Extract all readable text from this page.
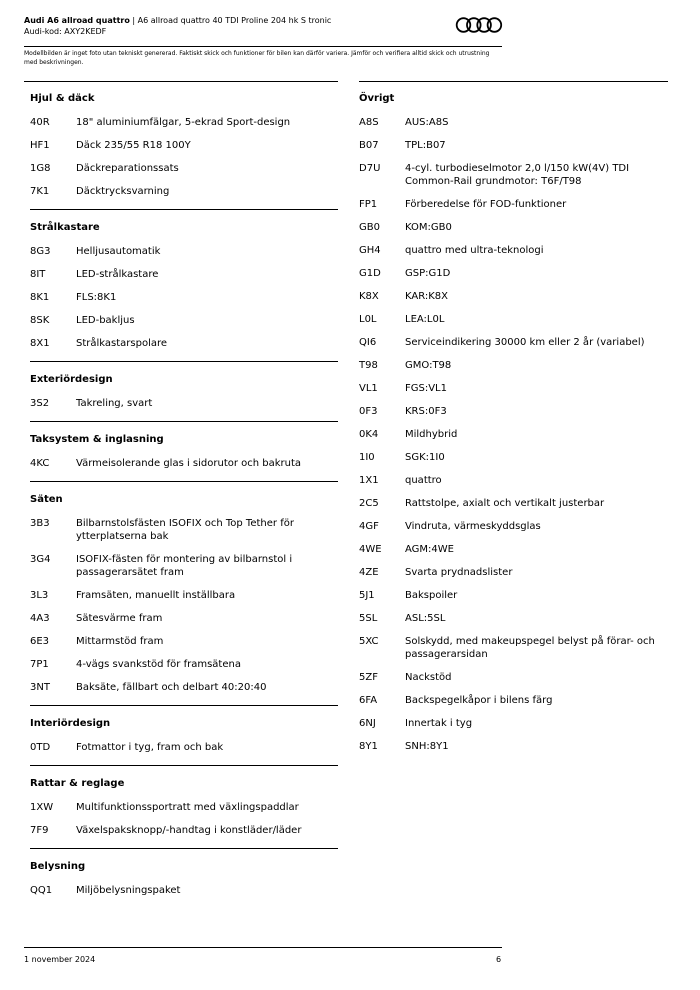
Audi A6 allroad quattro | A6 allroad quattro 40 TDI Proline 204 hk S tronic
Audi-kod: AXY2KEDF
Modellbilden är inget foto utan tekniskt genererad. Faktiskt skick och funktioner för bilen kan därför variera. Jämför och verifiera alltid skick och utrustning med beskrivningen.
Hjul & däck
40R	18" aluminiumfälgar, 5-ekrad Sport-design
HF1	Däck 235/55 R18 100Y
1G8	Däckreparationssats
7K1	Däcktrycksvarning
Strålkastare
8G3	Helljusautomatik
8IT	LED-strålkastare
8K1	FLS:8K1
8SK	LED-bakljus
8X1	Strålkastarspolare
Exteriördesign
3S2	Takreling, svart
Taksystem & inglasning
4KC	Värmeisolerande glas i sidorutor och bakruta
Säten
3B3	Bilbarnstolsfästen ISOFIX och Top Tether för ytterplatserna bak
3G4	ISOFIX-fästen för montering av bilbarnstol i passagerarsätet fram
3L3	Framsäten, manuellt inställbara
4A3	Sätesvärme fram
6E3	Mittarmstöd fram
7P1	4-vägs svankstöd för framsätena
3NT	Baksäte, fällbart och delbart 40:20:40
Interiördesign
0TD	Fotmattor i tyg, fram och bak
Rattar & reglage
1XW	Multifunktionssportratt med växlingspaddlar
7F9	Växelspaksknopp/-handtag i konstläder/läder
Belysning
QQ1	Miljöbelysningspaket
Övrigt
A8S	AUS:A8S
B07	TPL:B07
D7U	4-cyl. turbodieselmotor 2,0 l/150 kW(4V) TDI Common-Rail grundmotor: T6F/T98
FP1	Förberedelse för FOD-funktioner
GB0	KOM:GB0
GH4	quattro med ultra-teknologi
G1D	GSP:G1D
K8X	KAR:K8X
L0L	LEA:L0L
QI6	Serviceindikering 30000 km eller 2 år (variabel)
T98	GMO:T98
VL1	FGS:VL1
0F3	KRS:0F3
0K4	Mildhybrid
1I0	SGK:1I0
1X1	quattro
2C5	Rattstolpe, axialt och vertikalt justerbar
4GF	Vindruta, värmeskyddsglas
4WE	AGM:4WE
4ZE	Svarta prydnadslister
5J1	Bakspoiler
5SL	ASL:5SL
5XC	Solskydd, med makeupspegel belyst på förar- och passagerarsidan
5ZF	Nackstöd
6FA	Backspegelkåpor i bilens färg
6NJ	Innertak i tyg
8Y1	SNH:8Y1
1 november 2024	6
